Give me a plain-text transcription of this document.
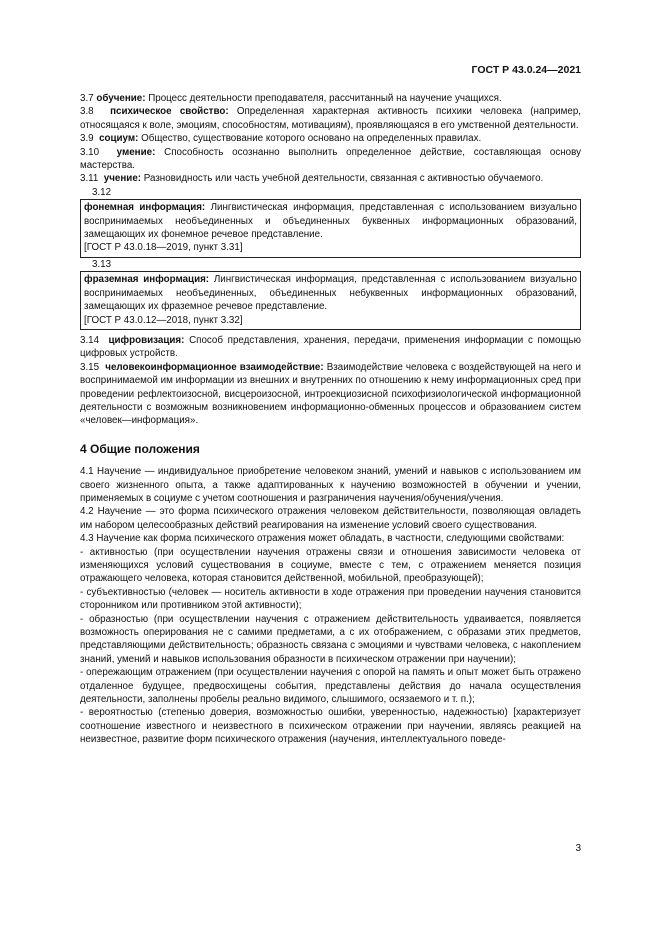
ГОСТ Р 43.0.24—2021

3.7 обучение: Процесс деятельности преподавателя, рассчитанный на научение учащихся.

3.8 психическое свойство: Определенная характерная активность психики человека (например, относящаяся к воле, эмоциям, способностям, мотивациям), проявляющаяся в его умственной деятельности.

3.9 социум: Общество, существование которого основано на определенных правилах.

3.10 умение: Способность осознанно выполнить определенное действие, составляющая основу мастерства.

3.11 учение: Разновидность или часть учебной деятельности, связанная с активностью обучаемого.

3.12

фонемная информация: Лингвистическая информация, представленная с использованием визуально воспринимаемых необъединенных и объединенных буквенных информационных образований, замещающих их фонемное речевое представление.

[ГОСТ Р 43.0.18—2019, пункт 3.31]

3.13

фраземная информация: Лингвистическая информация, представленная с использованием визуально воспринимаемых необъединенных, объединенных небуквенных информационных образований, замещающих их фраземное речевое представление.

[ГОСТ Р 43.0.12—2018, пункт 3.32]

3.14 цифровизация: Способ представления, хранения, передачи, применения информации с помощью цифровых устройств.

3.15 человекоинформационное взаимодействие: Взаимодействие человека с воздействующей на него и воспринимаемой им информации из внешних и внутренних по отношению к нему информационных сред при проведении рефлектоизосной, висцероизосной, интроекциозисной психофизиологической информационной деятельности с возможным возникновением информационно-обменных процессов и образованием систем «человек—информация».

4 Общие положения

4.1 Научение — индивидуальное приобретение человеком знаний, умений и навыков с использованием им своего жизненного опыта, а также адаптированных к научению возможностей в обучении и учении, применяемых в социуме с учетом соотношения и разграничения научения/обучения/учения.

4.2 Научение — это форма психического отражения человеком действительности, позволяющая овладеть им набором целесообразных действий реагирования на изменение условий своего существования.

4.3 Научение как форма психического отражения может обладать, в частности, следующими свойствами:

- активностью (при осуществлении научения отражены связи и отношения зависимости человека от изменяющихся условий существования в социуме, вместе с тем, с отражением меняется позиция отражающего человека, которая становится действенной, мобильной, преобразующей);

- субъективностью (человек — носитель активности в ходе отражения при проведении научения становится сторонником или противником этой активности);

- образностью (при осуществлении научения с отражением действительность удваивается, появляется возможность оперирования не с самими предметами, а с их отображением, с образами этих предметов, представляющими действительность; образность связана с эмоциями и чувствами человека, с накоплением знаний, умений и навыков использования образности в психическом отражении при научении);

- опережающим отражением (при осуществлении научения с опорой на память и опыт может быть отражено отдаленное будущее, предвосхищены события, представлены действия до начала осуществления деятельности, заполнены пробелы реально видимого, слышимого, осязаемого и т. п.);

- вероятностью (степенью доверия, возможностью ошибки, уверенностью, надежностью) [характеризует соотношение известного и неизвестного в психическом отражении при научении, являясь реакцией на неизвестное, развитие форм психического отражения (научения, интеллектуального поведе-

3
